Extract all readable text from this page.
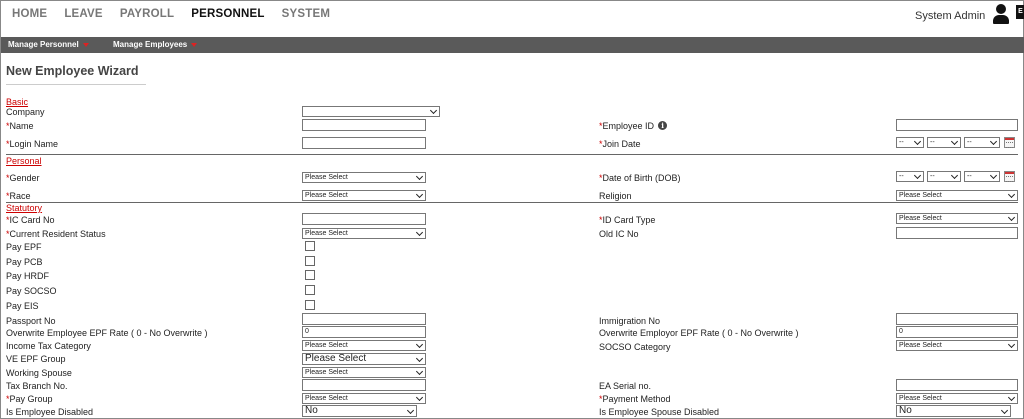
HOME LEAVE PAYROLL PERSONNEL SYSTEM	System Admin	E
Manage Personnel	Manage Employees
New Employee Wizard
Basic
Company
*Name	*Employee ID i
*Login Name	*Join Date	--	--	--
Personal
*Gender	Please Select	*Date of Birth (DOB)	--	--	--
*Race	Please Select	Religion	Please Select
Statutory
*IC Card No	*ID Card Type	Please Select
*Current Resident Status	Please Select	Old IC No
Pay EPF
Pay PCB
Pay HRDF
Pay SOCSO
Pay EIS
Passport No	Immigration No
Overwrite Employee EPF Rate ( 0 - No Overwrite )	0	Overwrite Employor EPF Rate ( 0 - No Overwrite )	0
Income Tax Category	Please Select	SOCSO Category	Please Select
VE EPF Group	Please Select
Working Spouse	Please Select
Tax Branch No.	EA Serial no.
*Pay Group	Please Select	*Payment Method	Please Select
Is Employee Disabled	No	Is Employee Spouse Disabled	No
